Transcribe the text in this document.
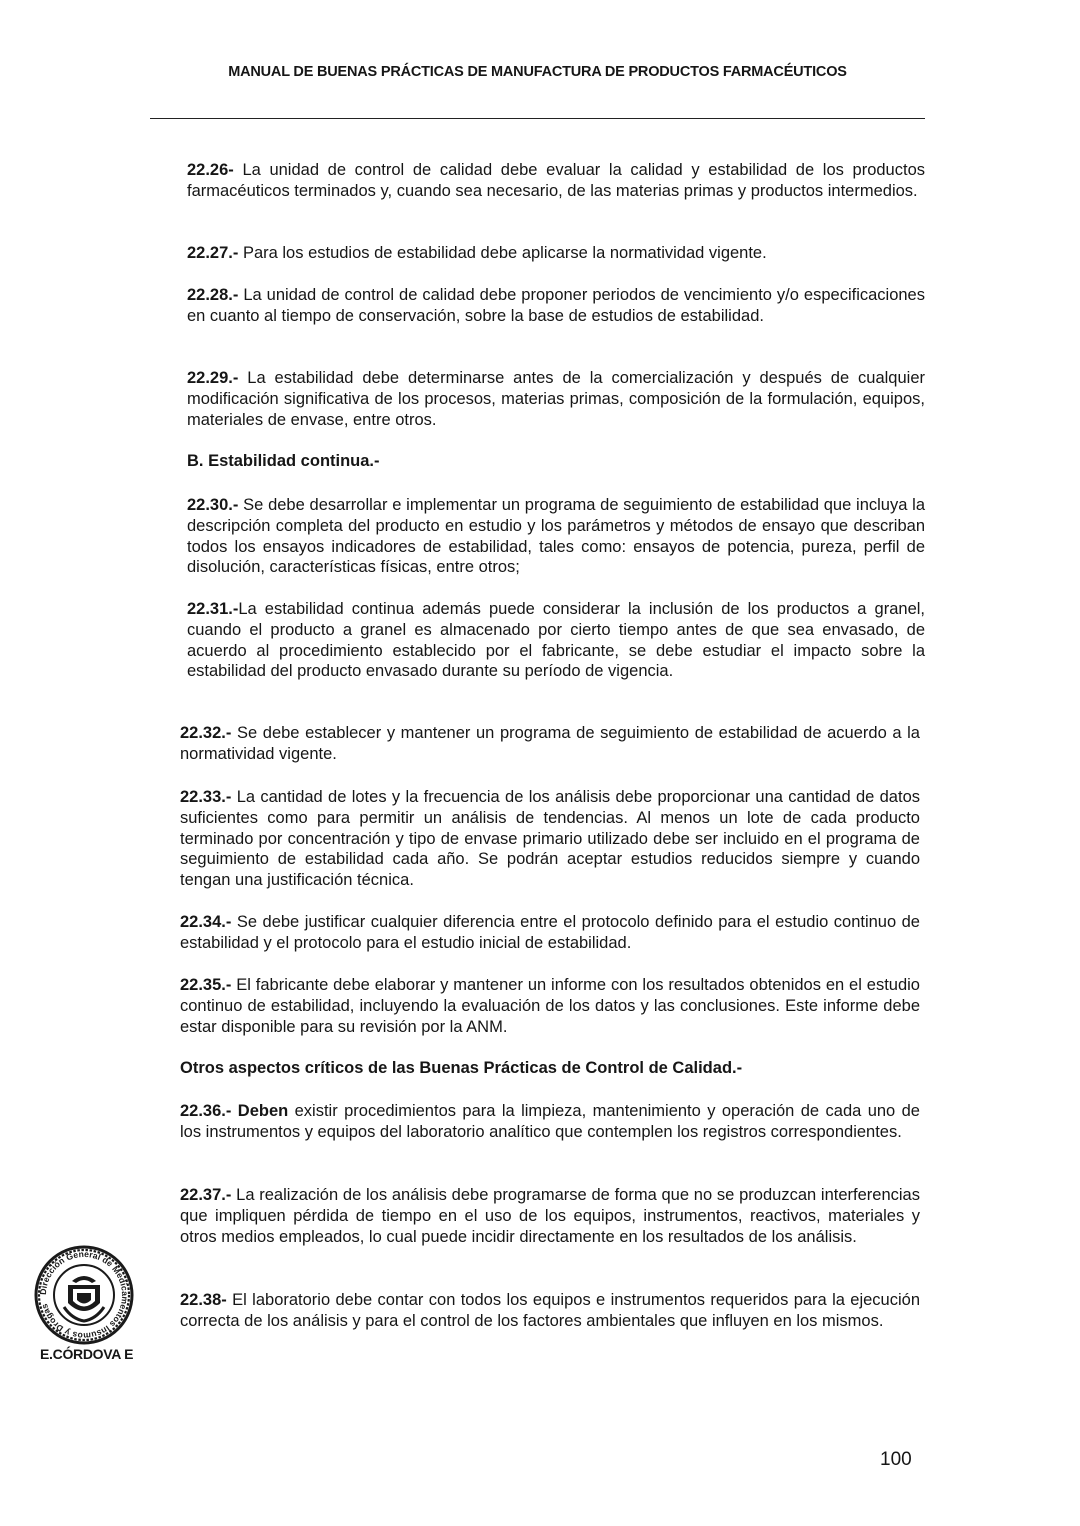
MANUAL DE BUENAS PRÁCTICAS DE MANUFACTURA DE PRODUCTOS FARMACÉUTICOS

22.26- La unidad de control de calidad debe evaluar la calidad y estabilidad de los productos farmacéuticos terminados y, cuando sea necesario, de las materias primas y productos intermedios.

22.27.- Para los estudios de estabilidad debe aplicarse la normatividad vigente.

22.28.- La unidad de control de calidad debe proponer periodos de vencimiento y/o especificaciones en cuanto al tiempo de conservación, sobre la base de estudios de estabilidad.

22.29.- La estabilidad debe determinarse antes de la comercialización y después de cualquier modificación significativa de los procesos, materias primas, composición de la formulación, equipos, materiales de envase, entre otros.

B. Estabilidad continua.-

22.30.- Se debe desarrollar e implementar un programa de seguimiento de estabilidad que incluya la descripción completa del producto en estudio y los parámetros y métodos de ensayo que describan todos los ensayos indicadores de estabilidad, tales como: ensayos de potencia, pureza, perfil de disolución, características físicas, entre otros;

22.31.-La estabilidad continua además puede considerar la inclusión de los productos a granel, cuando el producto a granel es almacenado por cierto tiempo antes de que sea envasado, de acuerdo al procedimiento establecido por el fabricante, se debe estudiar el impacto sobre la estabilidad del producto envasado durante su período de vigencia.

22.32.- Se debe establecer y mantener un programa de seguimiento de estabilidad de acuerdo a la normatividad vigente.

22.33.- La cantidad de lotes y la frecuencia de los análisis debe proporcionar una cantidad de datos suficientes como para permitir un análisis de tendencias. Al menos un lote de cada producto terminado por concentración y tipo de envase primario utilizado debe ser incluido en el programa de seguimiento de estabilidad cada año. Se podrán aceptar estudios reducidos siempre y cuando tengan una justificación técnica.

22.34.- Se debe justificar cualquier diferencia entre el protocolo definido para el estudio continuo de estabilidad y el protocolo para el estudio inicial de estabilidad.

22.35.- El fabricante debe elaborar y mantener un informe con los resultados obtenidos en el estudio continuo de estabilidad, incluyendo la evaluación de los datos y las conclusiones. Este informe debe estar disponible para su revisión por la ANM.

Otros aspectos críticos de las Buenas Prácticas de Control de Calidad.-

22.36.- Deben existir procedimientos para la limpieza, mantenimiento y operación de cada uno de los instrumentos y equipos del laboratorio analítico que contemplen los registros correspondientes.

22.37.- La realización de los análisis debe programarse de forma que no se produzcan interferencias que impliquen pérdida de tiempo en el uso de los equipos, instrumentos, reactivos, materiales y otros medios empleados, lo cual puede incidir directamente en los resultados de los análisis.

22.38- El laboratorio debe contar con todos los equipos e instrumentos requeridos para la ejecución correcta de los análisis y para el control de los factores ambientales que influyen en los mismos.

Dirección General de Medicamentos Insumos y Drogas
E.CÓRDOVA E
100
